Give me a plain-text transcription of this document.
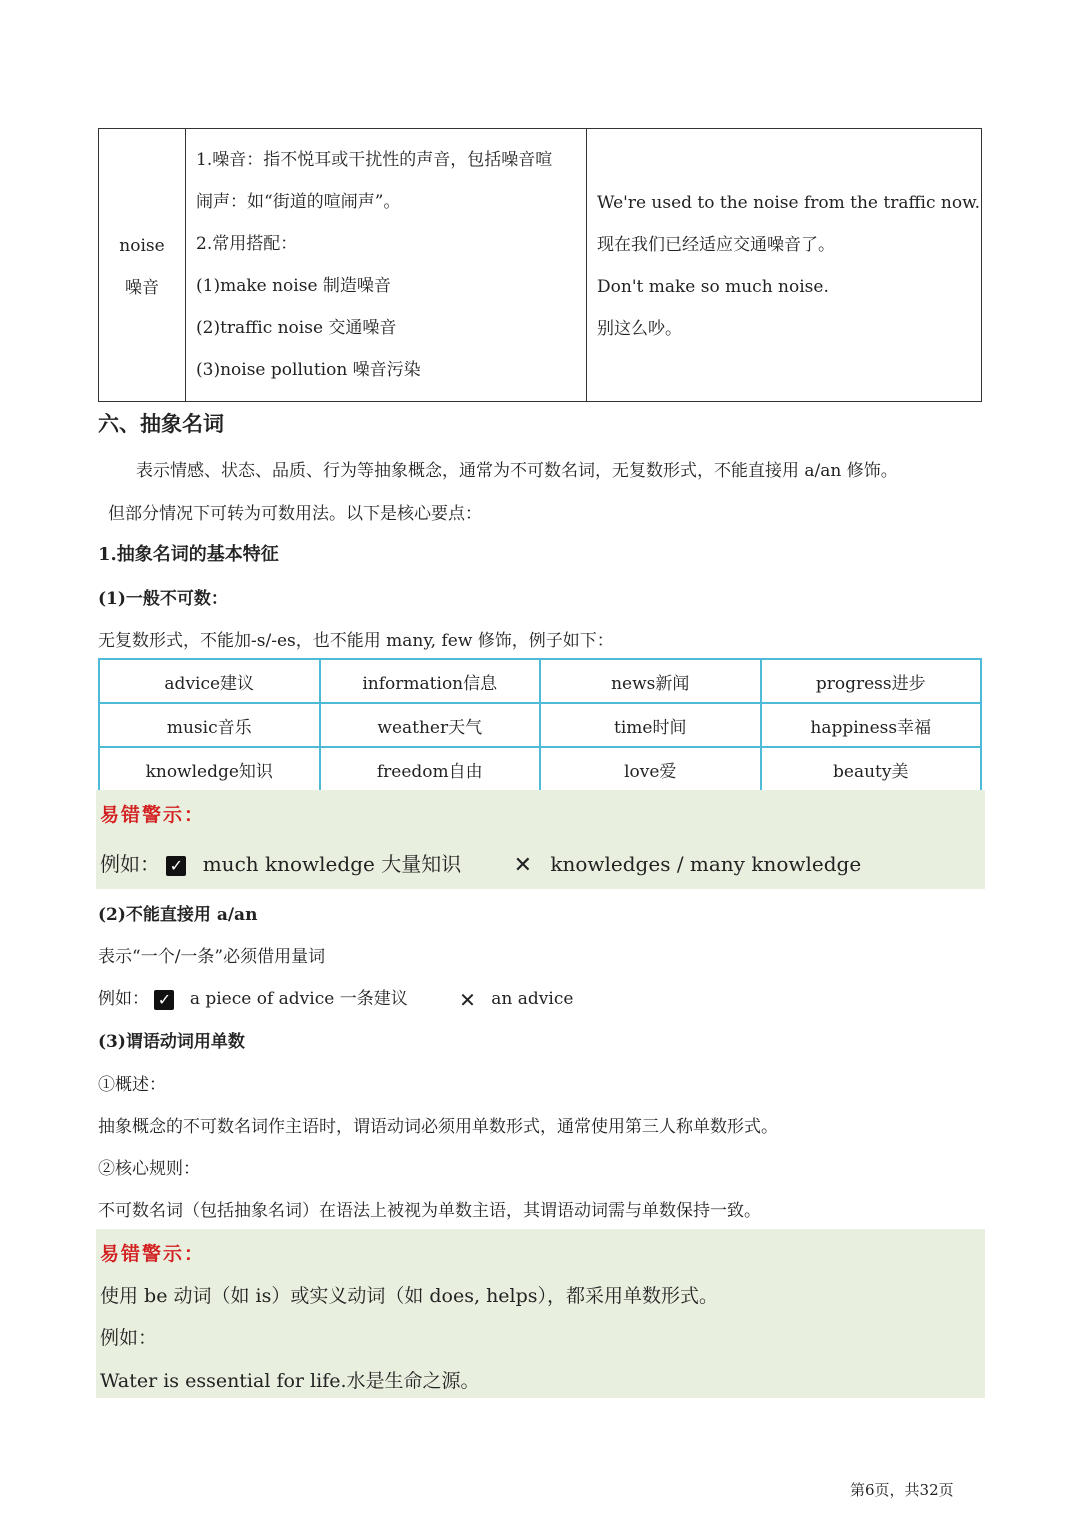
noise
噪音

1.噪音：指不悦耳或干扰性的声音，包括噪音喧
闹声：如“街道的喧闹声”。
2.常用搭配：
(1)make noise 制造噪音
(2)traffic noise 交通噪音
(3)noise pollution 噪音污染

We're used to the noise from the traffic now.
现在我们已经适应交通噪音了。
Don't make so much noise.
别这么吵。
六、抽象名词
表示情感、状态、品质、行为等抽象概念，通常为不可数名词，无复数形式，不能直接用 a/an 修饰。
但部分情况下可转为可数用法。以下是核心要点：
1.抽象名词的基本特征
(1)一般不可数：
无复数形式，不能加-s/-es，也不能用 many, few 修饰，例子如下：
advice建议	information信息	news新闻	progress进步
music音乐	weather天气	time时间	happiness幸福
knowledge知识	freedom自由	love爱	beauty美
易错警示：
例如： ✓ much knowledge 大量知识 ✕ knowledges / many knowledge
(2)不能直接用 a/an
表示“一个/一条”必须借用量词
例如： ✓ a piece of advice 一条建议	✕ an advice
(3)谓语动词用单数
①概述：
抽象概念的不可数名词作主语时，谓语动词必须用单数形式，通常使用第三人称单数形式。
②核心规则：
不可数名词（包括抽象名词）在语法上被视为单数主语，其谓语动词需与单数保持一致。
易错警示：
使用 be 动词（如 is）或实义动词（如 does, helps），都采用单数形式。
例如：
Water is essential for life.水是生命之源。
第6页，共32页
